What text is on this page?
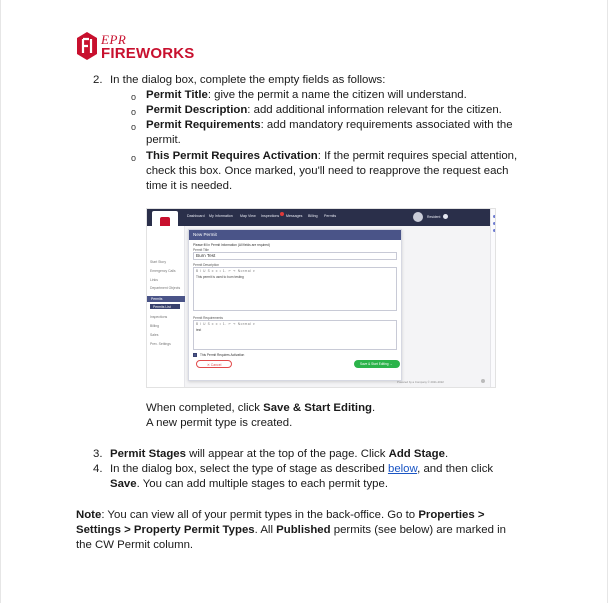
EPR
FIREWORKS
2. In the dialog box, complete the empty fields as follows:
o Permit Title: give the permit a name the citizen will understand.
o Permit Description: add additional information relevant for the citizen.
o Permit Requirements: add mandatory requirements associated with the
permit.
o This Permit Requires Activation: If the permit requires special attention,
check this box. Once marked, you'll need to reapprove the request each
time it is needed.
Dashboard My Information Map View Inspections Messages Billing Permits	Resident
Start Story
Emergency Calls
Links
Department Objects
Permits
Permits List
Inspections
Billing
Sales
Prev. Settings
New Permit
Please fill in Permit Information (All fields are required)
Permit Title
Burn Test
Permit Description
B I U S ≡ ≡ • 1. ↶ ↷ Normal ▾
This permit is used to burn testing
Permit Requirements
B I U S ≡ ≡ • 1. ↶ ↷ Normal ▾
test
This Permit Requires Activation
✕ Cancel	Save & Start Editing →
Powered by a Company © 2021-2022
When completed, click Save & Start Editing.
A new permit type is created.
3. Permit Stages will appear at the top of the page. Click Add Stage.
4. In the dialog box, select the type of stage as described below, and then click
Save. You can add multiple stages to each permit type.
Note: You can view all of your permit types in the back-office. Go to Properties >
Settings > Property Permit Types. All Published permits (see below) are marked in
the CW Permit column.
